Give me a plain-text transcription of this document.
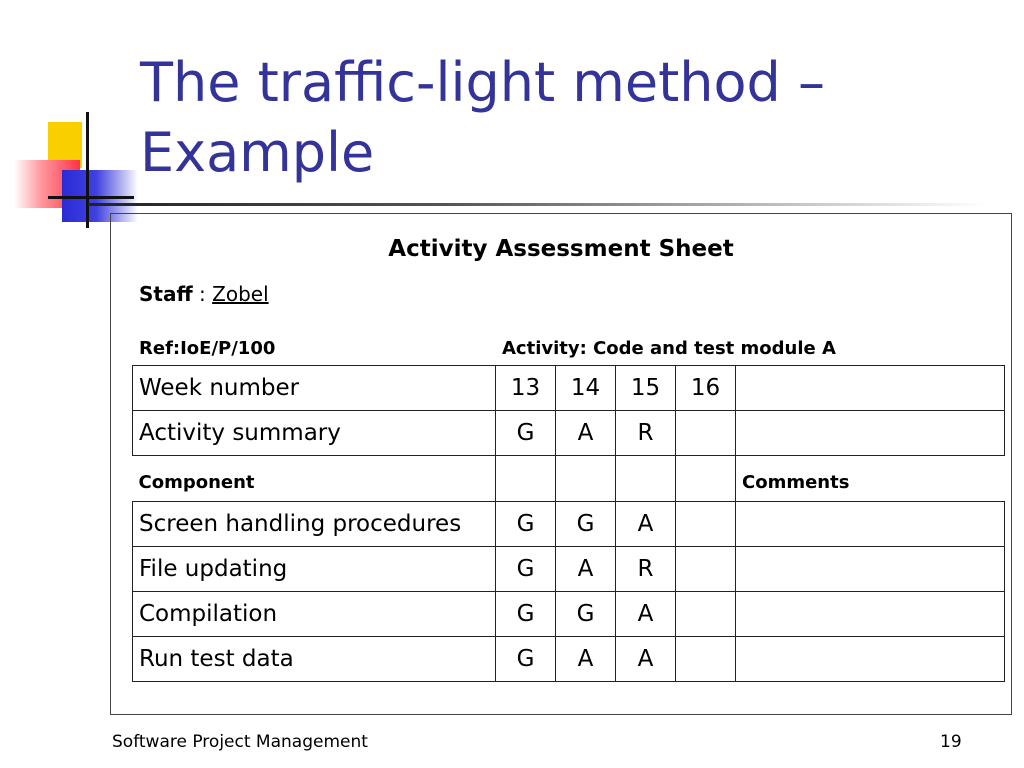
The traffic-light method –
Example
Activity Assessment Sheet
Staff : Zobel
Ref:IoE/P/100	Activity: Code and test module A
Week number	13	14	15	16	
Activity summary	G	A	R		
Component					Comments
Screen handling procedures	G	G	A		
File updating	G	A	R		
Compilation	G	G	A		
Run test data	G	A	A		
Software Project Management	19
